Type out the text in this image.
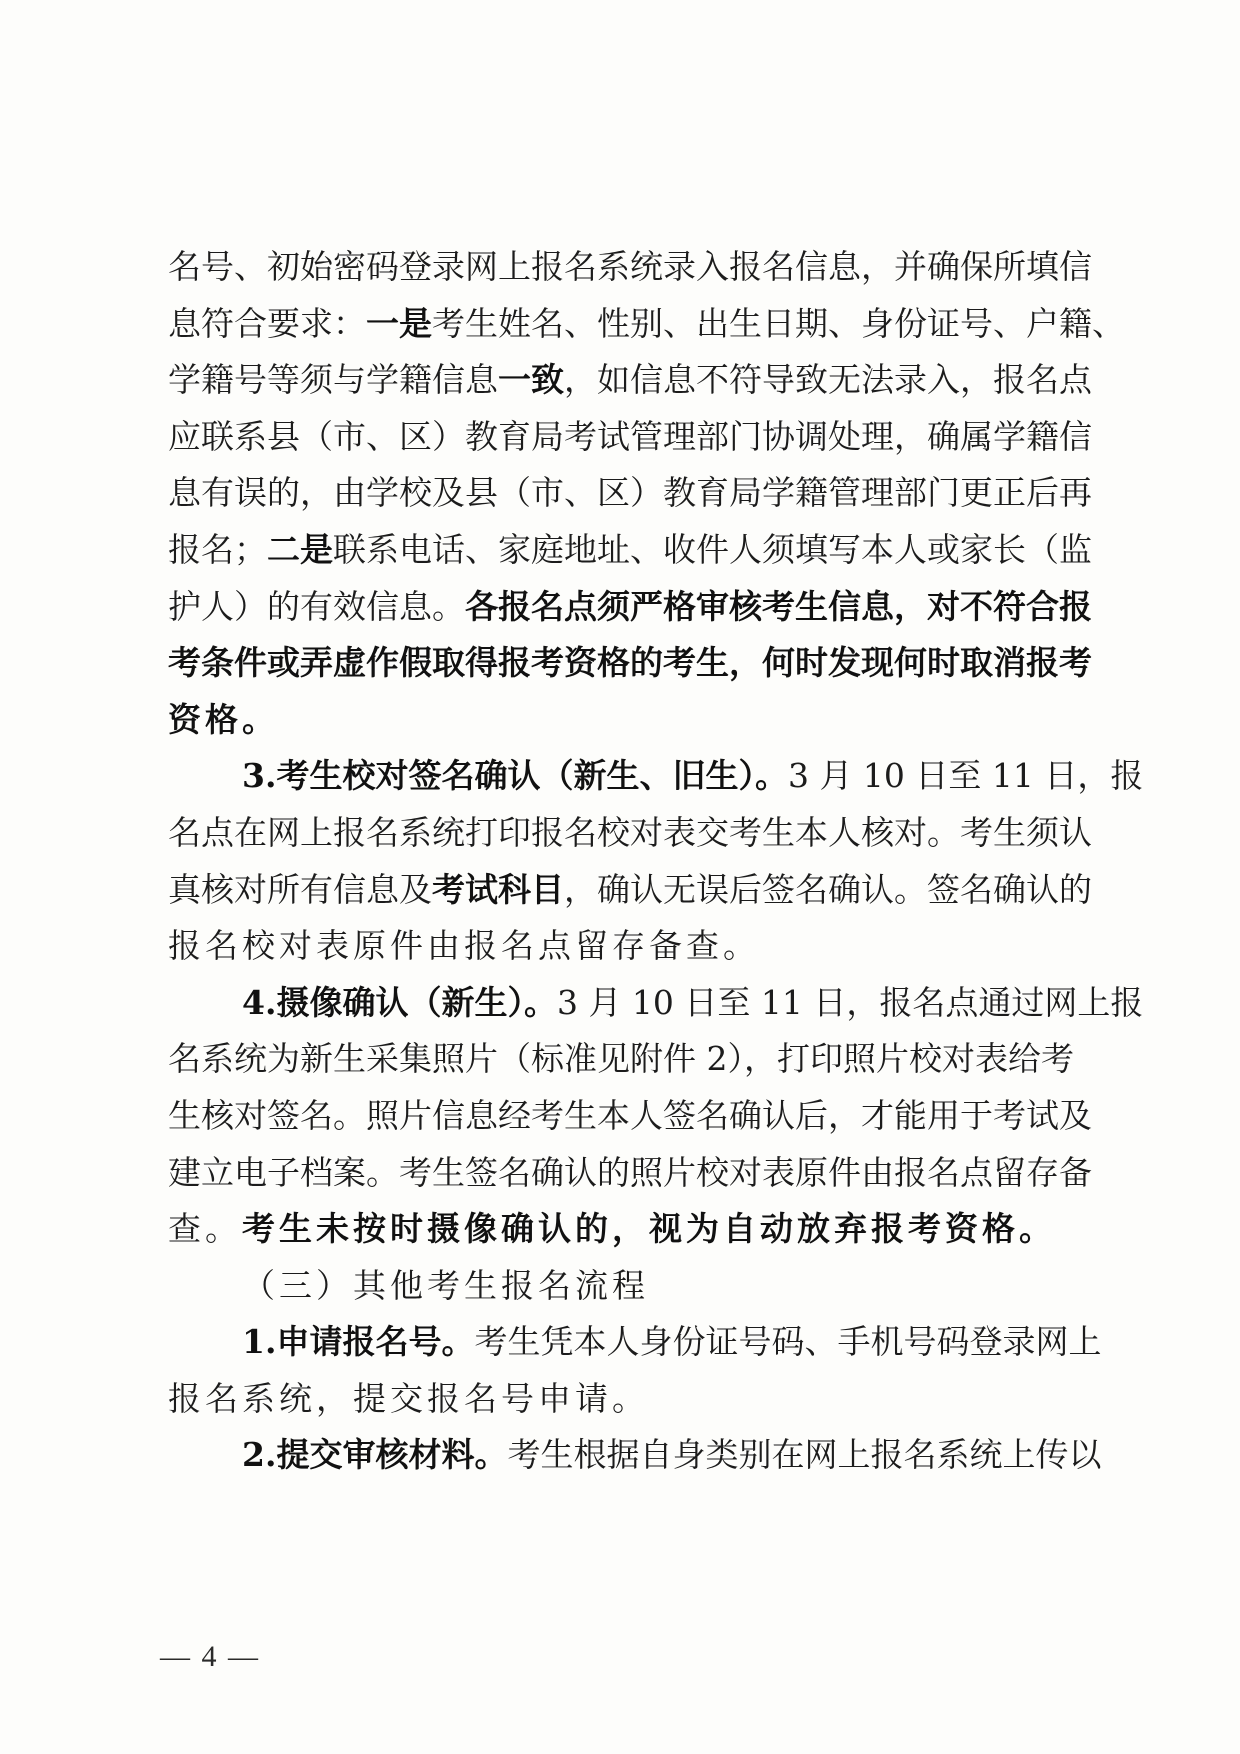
名号、初始密码登录网上报名系统录入报名信息，并确保所填信
息符合要求：一是考生姓名、性别、出生日期、身份证号、户籍、
学籍号等须与学籍信息一致，如信息不符导致无法录入，报名点
应联系县（市、区）教育局考试管理部门协调处理，确属学籍信
息有误的，由学校及县（市、区）教育局学籍管理部门更正后再
报名；二是联系电话、家庭地址、收件人须填写本人或家长（监
护人）的有效信息。各报名点须严格审核考生信息，对不符合报
考条件或弄虚作假取得报考资格的考生，何时发现何时取消报考
资格。
3.考生校对签名确认（新生、旧生）。3 月 10 日至 11 日，报
名点在网上报名系统打印报名校对表交考生本人核对。考生须认
真核对所有信息及考试科目，确认无误后签名确认。签名确认的
报名校对表原件由报名点留存备查。
4.摄像确认（新生）。3 月 10 日至 11 日，报名点通过网上报
名系统为新生采集照片（标准见附件 2），打印照片校对表给考
生核对签名。照片信息经考生本人签名确认后，才能用于考试及
建立电子档案。考生签名确认的照片校对表原件由报名点留存备
查。考生未按时摄像确认的，视为自动放弃报考资格。
（三）其他考生报名流程
1.申请报名号。考生凭本人身份证号码、手机号码登录网上
报名系统，提交报名号申请。
2.提交审核材料。考生根据自身类别在网上报名系统上传以
— 4 —
